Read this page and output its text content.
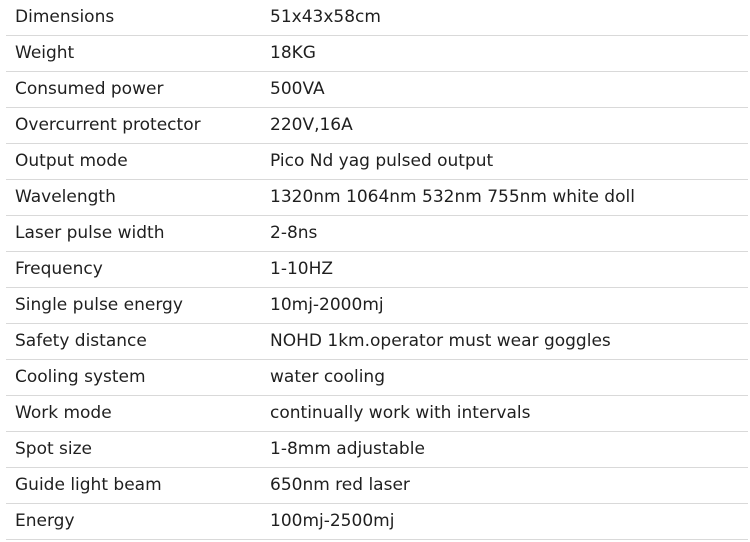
Dimensions	51x43x58cm
Weight	18KG
Consumed power	500VA
Overcurrent protector	220V,16A
Output mode	Pico Nd yag pulsed output
Wavelength	1320nm 1064nm 532nm 755nm white doll
Laser pulse width	2-8ns
Frequency	1-10HZ
Single pulse energy	10mj-2000mj
Safety distance	NOHD 1km.operator must wear goggles
Cooling system	water cooling
Work mode	continually work with intervals
Spot size	1-8mm adjustable
Guide light beam	650nm red laser
Energy	100mj-2500mj
